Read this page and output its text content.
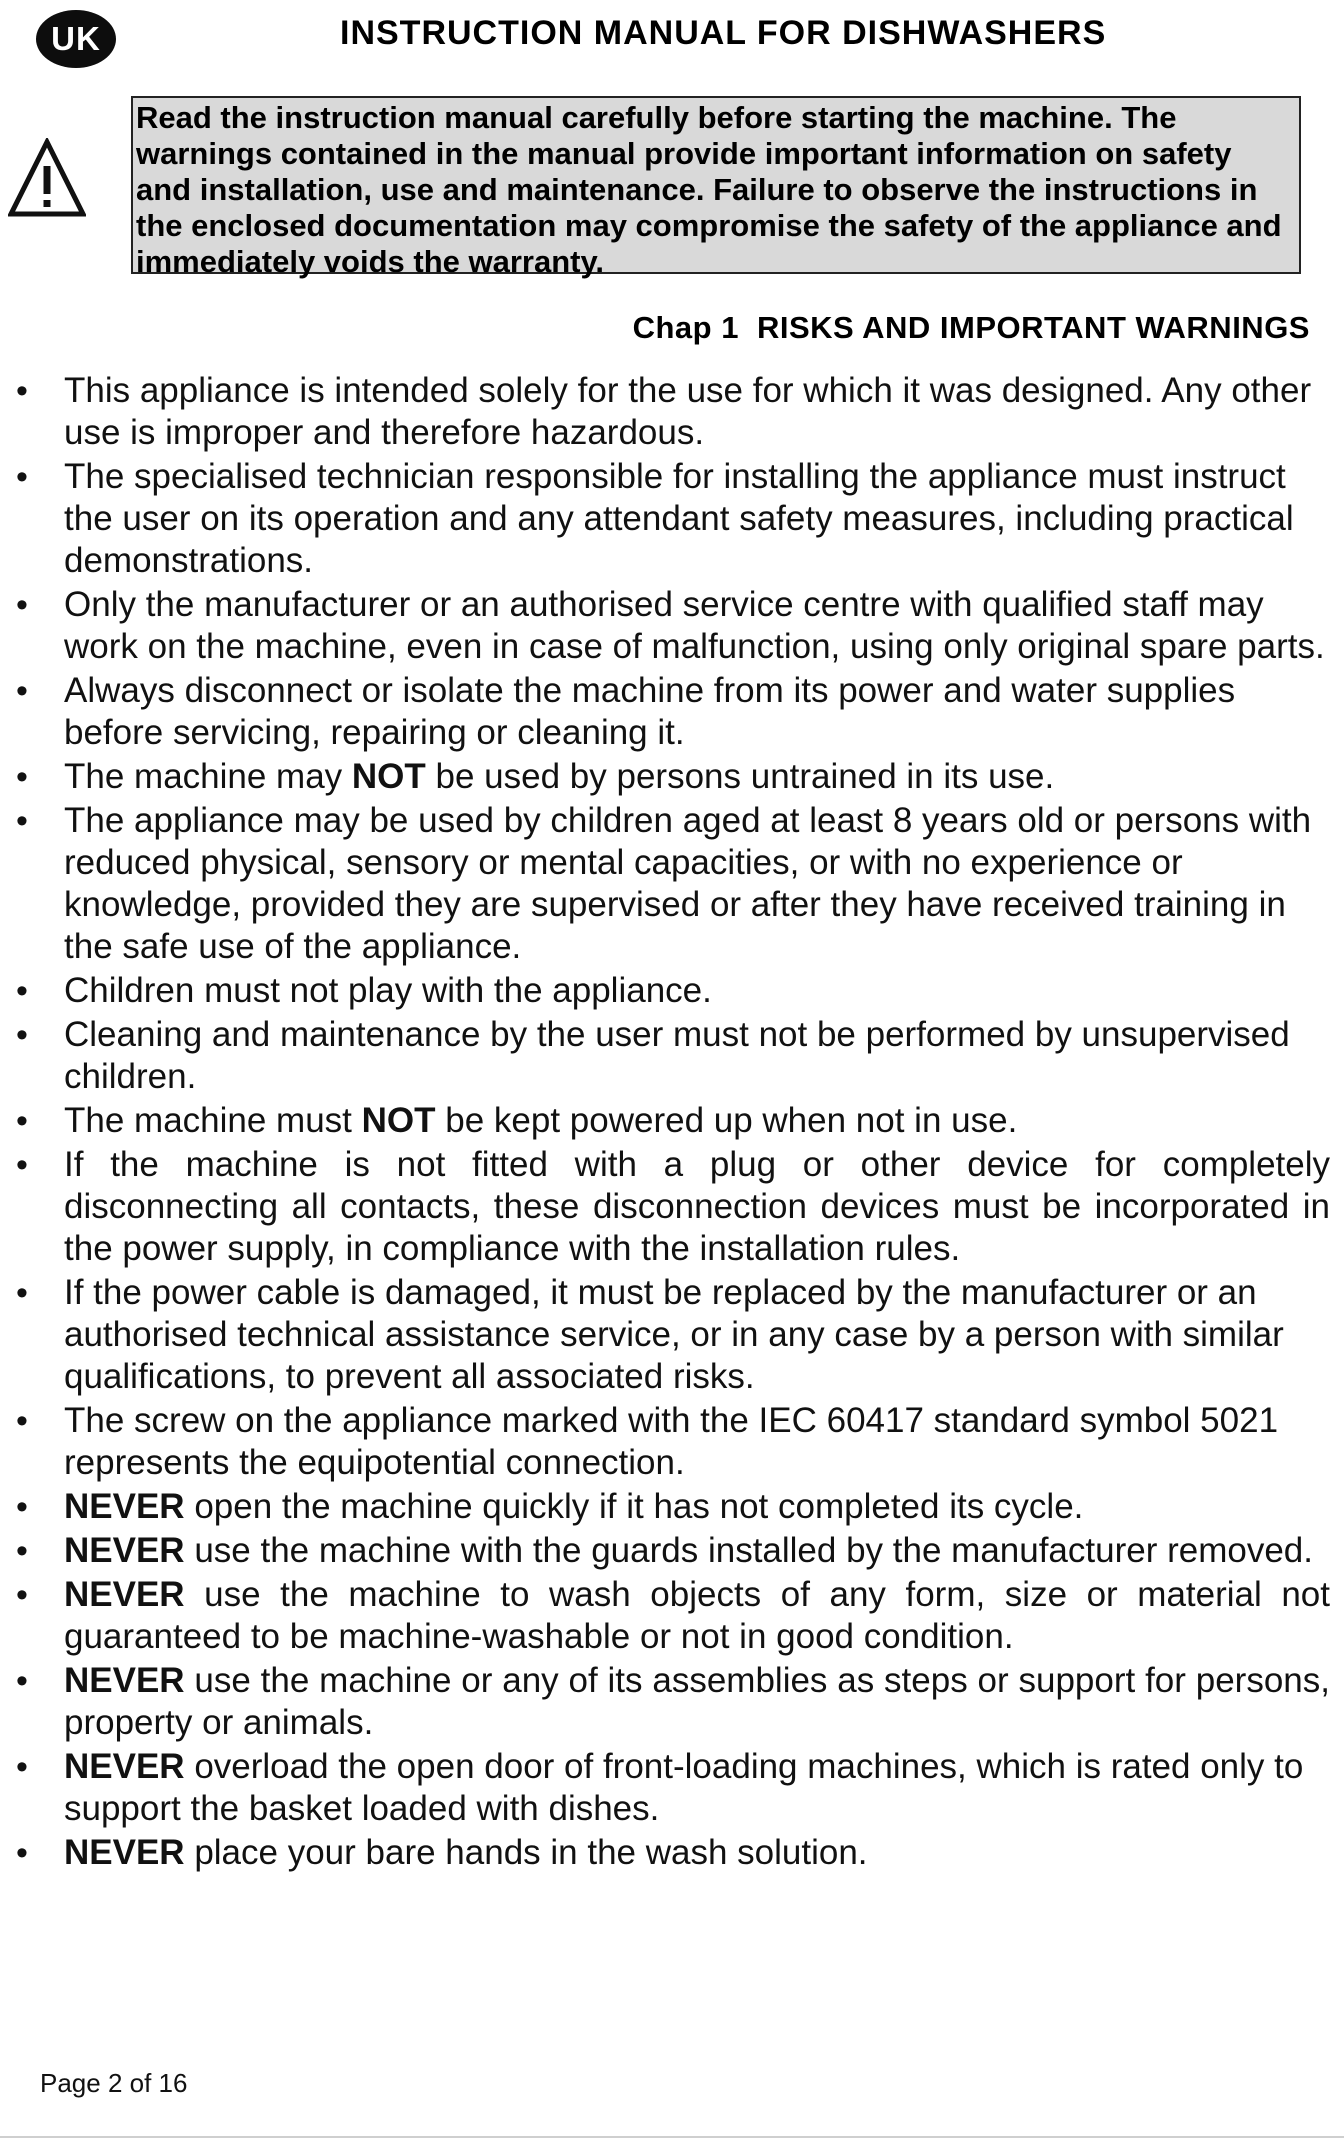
UK	INSTRUCTION MANUAL FOR DISHWASHERS
Read the instruction manual carefully before starting the machine. The warnings contained in the manual provide important information on safety and installation, use and maintenance. Failure to observe the instructions in the enclosed documentation may compromise the safety of the appliance and immediately voids the warranty.
Chap 1 RISKS AND IMPORTANT WARNINGS
• This appliance is intended solely for the use for which it was designed. Any other use is improper and therefore hazardous.
• The specialised technician responsible for installing the appliance must instruct the user on its operation and any attendant safety measures, including practical demonstrations.
• Only the manufacturer or an authorised service centre with qualified staff may work on the machine, even in case of malfunction, using only original spare parts.
• Always disconnect or isolate the machine from its power and water supplies before servicing, repairing or cleaning it.
• The machine may NOT be used by persons untrained in its use.
• The appliance may be used by children aged at least 8 years old or persons with reduced physical, sensory or mental capacities, or with no experience or knowledge, provided they are supervised or after they have received training in the safe use of the appliance.
• Children must not play with the appliance.
• Cleaning and maintenance by the user must not be performed by unsupervised children.
• The machine must NOT be kept powered up when not in use.
• If the machine is not fitted with a plug or other device for completely disconnecting all contacts, these disconnection devices must be incorporated in the power supply, in compliance with the installation rules.
• If the power cable is damaged, it must be replaced by the manufacturer or an authorised technical assistance service, or in any case by a person with similar qualifications, to prevent all associated risks.
• The screw on the appliance marked with the IEC 60417 standard symbol 5021 represents the equipotential connection.
• NEVER open the machine quickly if it has not completed its cycle.
• NEVER use the machine with the guards installed by the manufacturer removed.
• NEVER use the machine to wash objects of any form, size or material not guaranteed to be machine-washable or not in good condition.
• NEVER use the machine or any of its assemblies as steps or support for persons, property or animals.
• NEVER overload the open door of front-loading machines, which is rated only to support the basket loaded with dishes.
• NEVER place your bare hands in the wash solution.
Page 2 of 16
